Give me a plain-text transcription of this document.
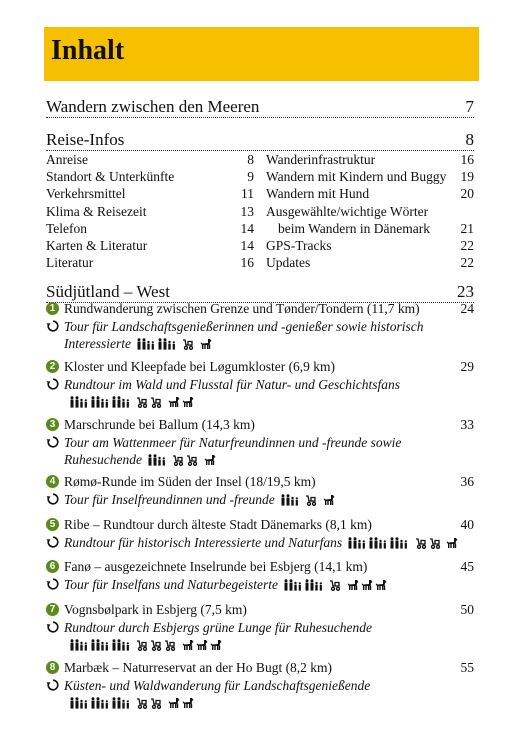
Inhalt
Wandern zwischen den Meeren	7
Reise-Infos	8
Anreise	8
Standort & Unterkünfte	9
Verkehrsmittel	11
Klima & Reisezeit	13
Telefon	14
Karten & Literatur	14
Literatur	16
Wanderinfrastruktur	16
Wandern mit Kindern und Buggy 19
Wandern mit Hund	20
Ausgewählte/wichtige Wörter
beim Wandern in Dänemark 21
GPS-Tracks	22
Updates	22
Südjütland – West	23
1 Rundwanderung zwischen Grenze und Tønder/Tondern (11,7 km)	24
Tour für Landschaftsgenießerinnen und -genießer sowie historisch
Interessierte

2 Kloster und Kleepfade bei Løgumkloster (6,9 km)	29
Rundtour im Wald und Flusstal für Natur- und Geschichtsfans

3 Marschrunde bei Ballum (14,3 km)	33
Tour am Wattenmeer für Naturfreundinnen und -freunde sowie
Ruhesuchende

4 Rømø-Runde im Süden der Insel (18/19,5 km)	36
Tour für Inselfreundinnen und -freunde

5 Ribe – Rundtour durch älteste Stadt Dänemarks (8,1 km)	40
Rundtour für historisch Interessierte und Naturfans

6 Fanø – ausgezeichnete Inselrunde bei Esbjerg (14,1 km)	45
Tour für Inselfans und Naturbegeisterte

7 Vognsbølpark in Esbjerg (7,5 km)	50
Rundtour durch Esbjergs grüne Lunge für Ruhesuchende

8 Marbæk – Naturreservat an der Ho Bugt (8,2 km)	55
Küsten- und Waldwanderung für Landschaftsgenießende
